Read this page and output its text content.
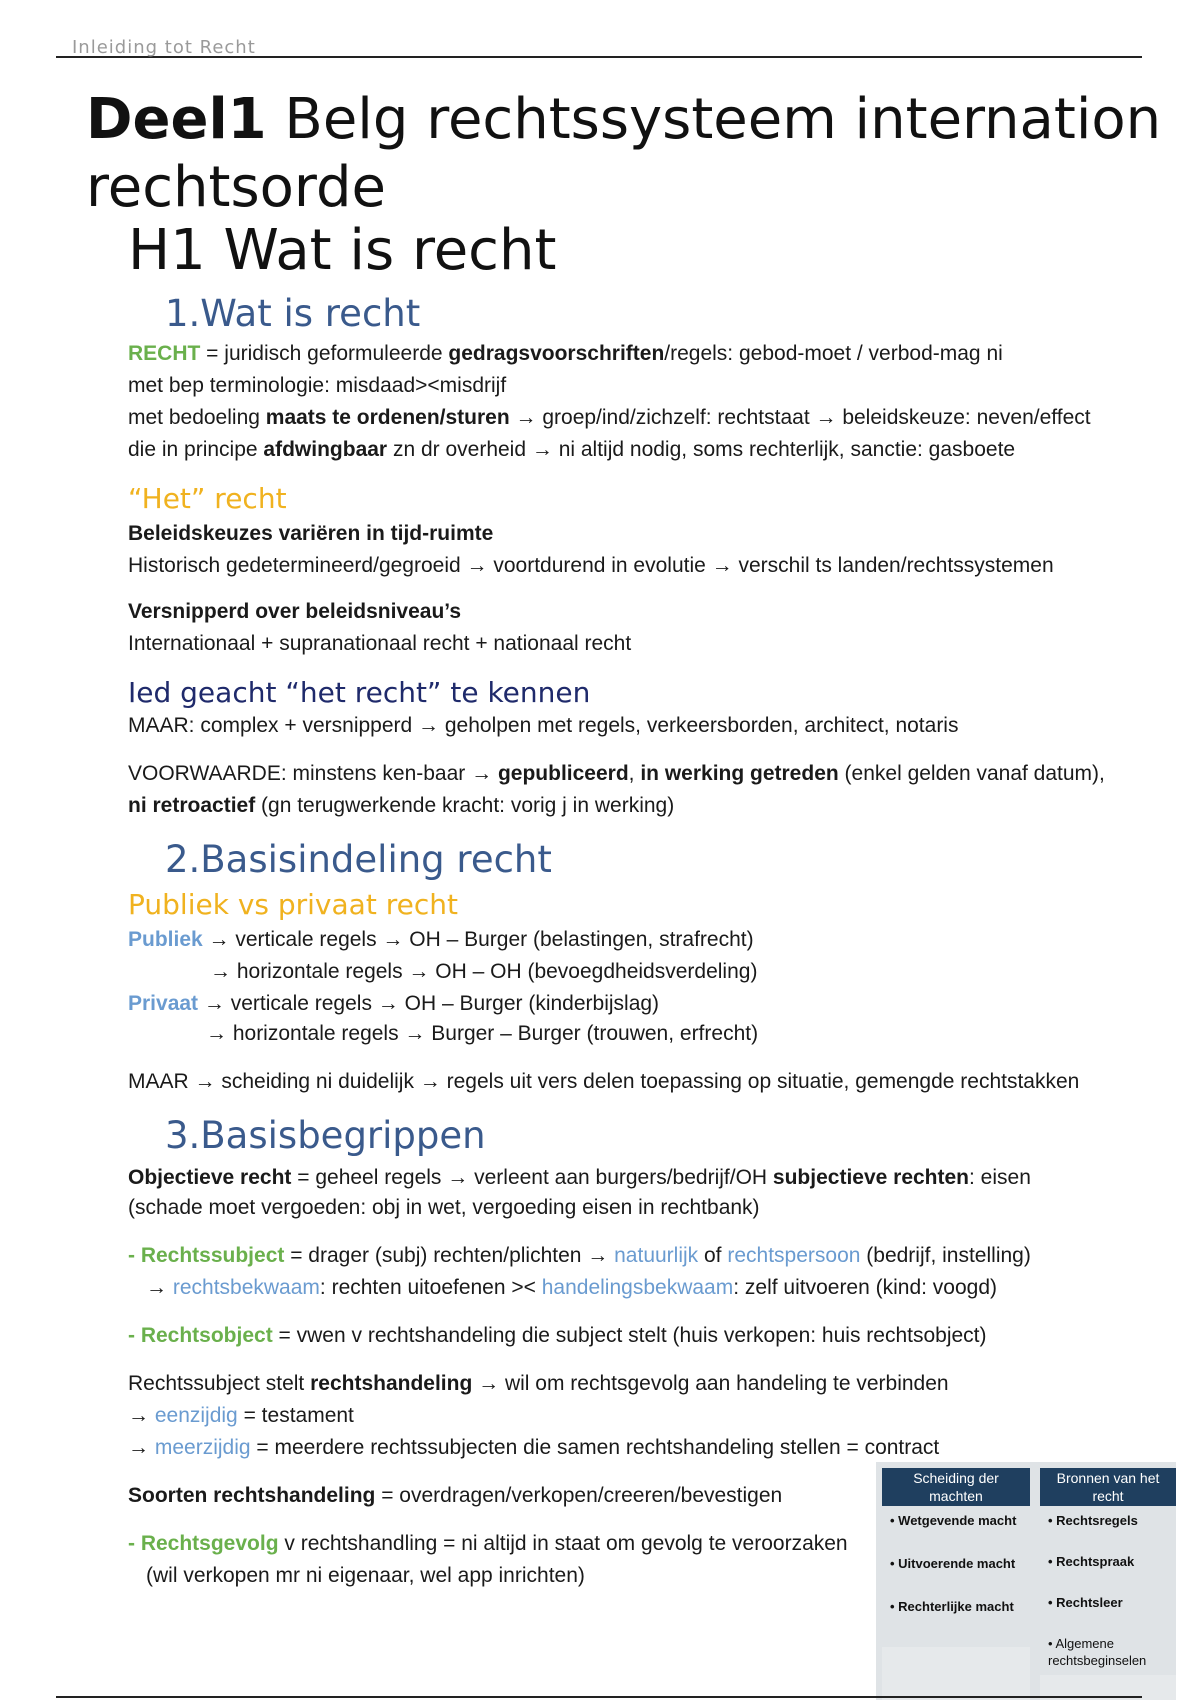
Inleiding tot Recht
Deel1 Belg rechtssysteem internation rechtsorde
H1 Wat is recht
1.Wat is recht

RECHT = juridisch geformuleerde gedragsvoorschriften/regels: gebod-moet / verbod-mag ni

met bep terminologie: misdaad><misdrijf

met bedoeling maats te ordenen/sturen → groep/ind/zichzelf: rechtstaat → beleidskeuze: neven/effect

die in principe afdwingbaar zn dr overheid → ni altijd nodig, soms rechterlijk, sanctie: gasboete

“Het” recht

Beleidskeuzes variëren in tijd-ruimte

Historisch gedetermineerd/gegroeid → voortdurend in evolutie → verschil ts landen/rechtssystemen

Versnipperd over beleidsniveau’s

Internationaal + supranationaal recht + nationaal recht

Ied geacht “het recht” te kennen

MAAR: complex + versnipperd → geholpen met regels, verkeersborden, architect, notaris

VOORWAARDE: minstens ken-baar → gepubliceerd, in werking getreden (enkel gelden vanaf datum),

ni retroactief (gn terugwerkende kracht: vorig j in werking)

2.Basisindeling recht
Publiek vs privaat recht

Publiek → verticale regels → OH – Burger (belastingen, strafrecht)

→ horizontale regels → OH – OH (bevoegdheidsverdeling)

Privaat → verticale regels → OH – Burger (kinderbijslag)

→ horizontale regels → Burger – Burger (trouwen, erfrecht)

MAAR → scheiding ni duidelijk → regels uit vers delen toepassing op situatie, gemengde rechtstakken

3.Basisbegrippen

Objectieve recht = geheel regels → verleent aan burgers/bedrijf/OH subjectieve rechten: eisen

(schade moet vergoeden: obj in wet, vergoeding eisen in rechtbank)

- Rechtssubject = drager (subj) rechten/plichten → natuurlijk of rechtspersoon (bedrijf, instelling)

→ rechtsbekwaam: rechten uitoefenen >< handelingsbekwaam: zelf uitvoeren (kind: voogd)

- Rechtsobject = vwen v rechtshandeling die subject stelt (huis verkopen: huis rechtsobject)

Rechtssubject stelt rechtshandeling → wil om rechtsgevolg aan handeling te verbinden

→ eenzijdig = testament

→ meerzijdig = meerdere rechtssubjecten die samen rechtshandeling stellen = contract

Soorten rechtshandeling = overdragen/verkopen/creeren/bevestigen

- Rechtsgevolg v rechtshandling = ni altijd in staat om gevolg te veroorzaken

(wil verkopen mr ni eigenaar, wel app inrichten)

Scheiding der machten
• Wetgevende macht
• Uitvoerende macht
• Rechterlijke macht
Bronnen van het recht
• Rechtsregels
• Rechtspraak
• Rechtsleer
• Algemene rechtsbeginselen
